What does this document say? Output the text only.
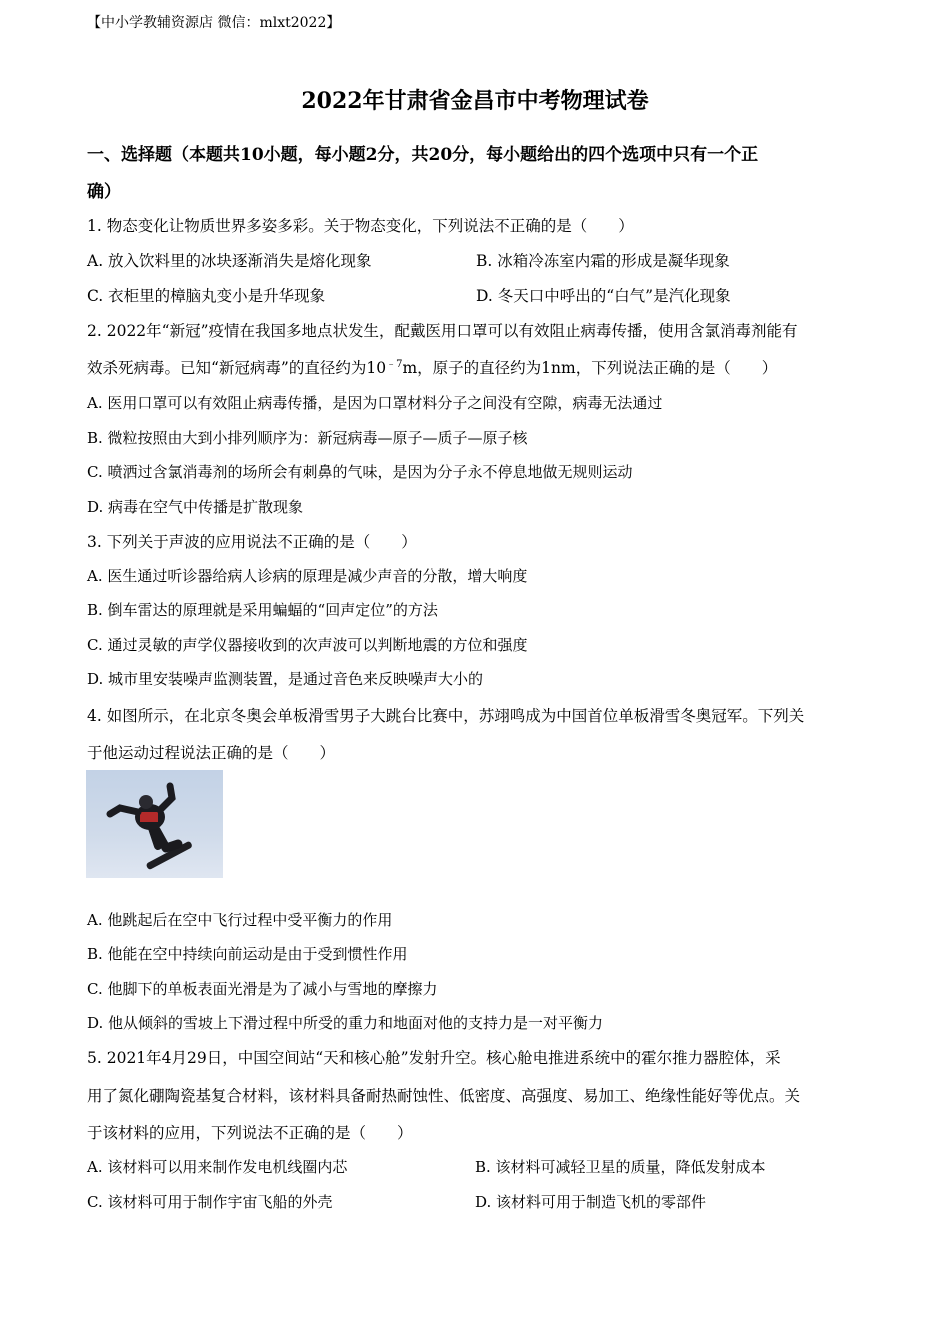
【中小学教辅资源店 微信：mlxt2022】
2022年甘肃省金昌市中考物理试卷
一、选择题（本题共10小题，每小题2分，共20分，每小题给出的四个选项中只有一个正
确）
1. 物态变化让物质世界多姿多彩。关于物态变化，下列说法不正确的是（　　）
A. 放入饮料里的冰块逐渐消失是熔化现象	B. 冰箱冷冻室内霜的形成是凝华现象
C. 衣柜里的樟脑丸变小是升华现象	D. 冬天口中呼出的“白气”是汽化现象
2. 2022年“新冠”疫情在我国多地点状发生，配戴医用口罩可以有效阻止病毒传播，使用含氯消毒剂能有
效杀死病毒。已知“新冠病毒”的直径约为$10^{﹣7}m$，原子的直径约为1nm，下列说法正确的是（　　）
A. 医用口罩可以有效阻止病毒传播，是因为口罩材料分子之间没有空隙，病毒无法通过
B. 微粒按照由大到小排列顺序为：新冠病毒—原子—质子—原子核
C. 喷洒过含氯消毒剂的场所会有刺鼻的气味，是因为分子永不停息地做无规则运动
D. 病毒在空气中传播是扩散现象
3. 下列关于声波的应用说法不正确的是（　　）
A. 医生通过听诊器给病人诊病的原理是减少声音的分散，增大响度
B. 倒车雷达的原理就是采用蝙蝠的“回声定位”的方法
C. 通过灵敏的声学仪器接收到的次声波可以判断地震的方位和强度
D. 城市里安装噪声监测装置，是通过音色来反映噪声大小的
4. 如图所示，在北京冬奥会单板滑雪男子大跳台比赛中，苏翊鸣成为中国首位单板滑雪冬奥冠军。下列关
于他运动过程说法正确的是（　　）
A. 他跳起后在空中飞行过程中受平衡力的作用
B. 他能在空中持续向前运动是由于受到惯性作用
C. 他脚下的单板表面光滑是为了减小与雪地的摩擦力
D. 他从倾斜的雪坡上下滑过程中所受的重力和地面对他的支持力是一对平衡力
5. 2021年4月29日，中国空间站“天和核心舱”发射升空。核心舱电推进系统中的霍尔推力器腔体，采
用了氮化硼陶瓷基复合材料，该材料具备耐热耐蚀性、低密度、高强度、易加工、绝缘性能好等优点。关
于该材料的应用，下列说法不正确的是（　　）
A. 该材料可以用来制作发电机线圈内芯	B. 该材料可减轻卫星的质量，降低发射成本
C. 该材料可用于制作宇宙飞船的外壳	D. 该材料可用于制造飞机的零部件
